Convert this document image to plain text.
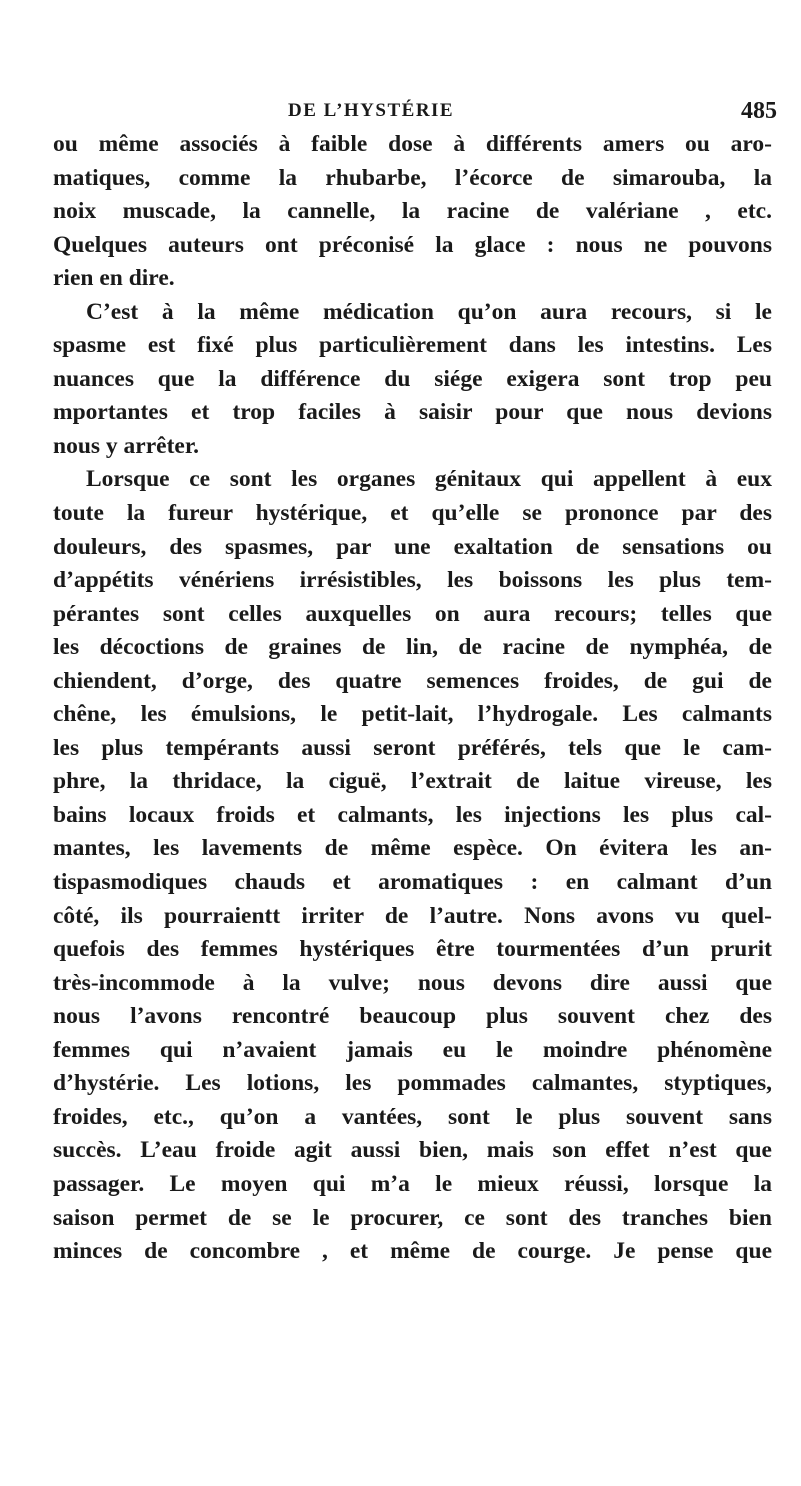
DE L’HYSTÉRIE	485
ou même associés à faible dose à différents amers ou aro-
matiques, comme la rhubarbe, l’écorce de simarouba, la
noix muscade, la cannelle, la racine de valériane , etc.
Quelques auteurs ont préconisé la glace : nous ne pouvons
rien en dire.
C’est à la même médication qu’on aura recours, si le
spasme est fixé plus particulièrement dans les intestins. Les
nuances que la différence du siége exigera sont trop peu
mportantes et trop faciles à saisir pour que nous devions
nous y arrêter.
Lorsque ce sont les organes génitaux qui appellent à eux
toute la fureur hystérique, et qu’elle se prononce par des
douleurs, des spasmes, par une exaltation de sensations ou
d’appétits vénériens irrésistibles, les boissons les plus tem-
pérantes sont celles auxquelles on aura recours; telles que
les décoctions de graines de lin, de racine de nymphéa, de
chiendent, d’orge, des quatre semences froides, de gui de
chêne, les émulsions, le petit-lait, l’hydrogale. Les calmants
les plus tempérants aussi seront préférés, tels que le cam-
phre, la thridace, la ciguë, l’extrait de laitue vireuse, les
bains locaux froids et calmants, les injections les plus cal-
mantes, les lavements de même espèce. On évitera les an-
tispasmodiques chauds et aromatiques : en calmant d’un
côté, ils pourraientt irriter de l’autre. Nons avons vu quel-
quefois des femmes hystériques être tourmentées d’un prurit
très-incommode à la vulve; nous devons dire aussi que
nous l’avons rencontré beaucoup plus souvent chez des
femmes qui n’avaient jamais eu le moindre phénomène
d’hystérie. Les lotions, les pommades calmantes, styptiques,
froides, etc., qu’on a vantées, sont le plus souvent sans
succès. L’eau froide agit aussi bien, mais son effet n’est que
passager. Le moyen qui m’a le mieux réussi, lorsque la
saison permet de se le procurer, ce sont des tranches bien
minces de concombre , et même de courge. Je pense que
